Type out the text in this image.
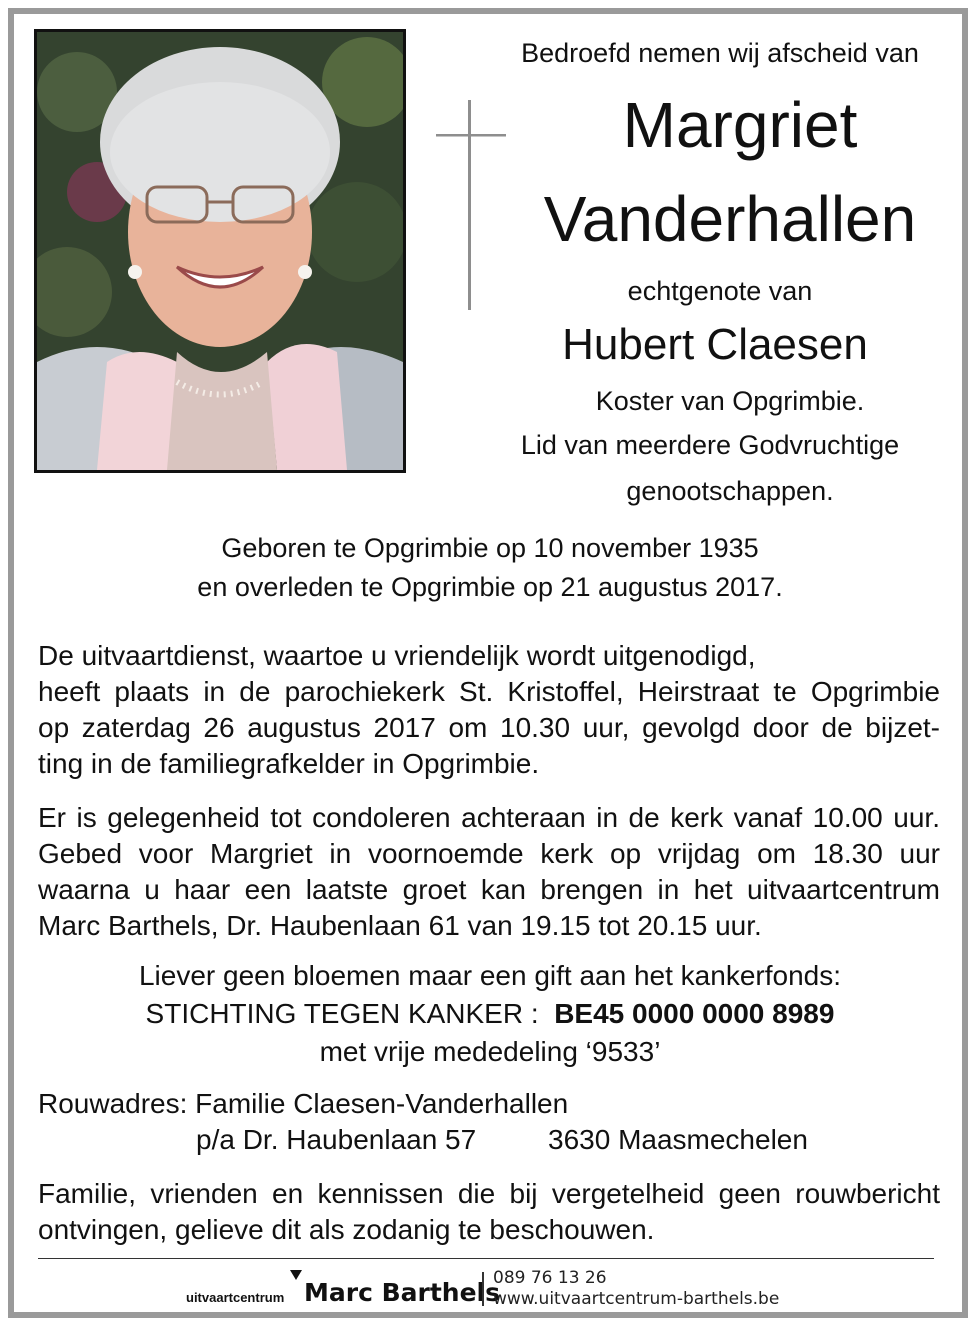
Bedroefd nemen wij afscheid van
Margriet
Vanderhallen
echtgenote van
Hubert Claesen
Koster van Opgrimbie.
Lid van meerdere Godvruchtige
genootschappen.
Geboren te Opgrimbie op 10 november 1935
en overleden te Opgrimbie op 21 augustus 2017.
De uitvaartdienst, waartoe u vriendelijk wordt uitgenodigd,
heeft plaats in de parochiekerk St. Kristoffel, Heirstraat te Opgrimbie
op zaterdag 26 augustus 2017 om 10.30 uur, gevolgd door de bijzet-
ting in de familiegrafkelder in Opgrimbie.
Er is gelegenheid tot condoleren achteraan in de kerk vanaf 10.00 uur.
Gebed voor Margriet in voornoemde kerk op vrijdag om 18.30 uur
waarna u haar een laatste groet kan brengen in het uitvaartcentrum
Marc Barthels, Dr. Haubenlaan 61 van 19.15 tot 20.15 uur.
Liever geen bloemen maar een gift aan het kankerfonds:
STICHTING TEGEN KANKER : BE45 0000 0000 8989
met vrije mededeling ‘9533’
Rouwadres: Familie Claesen-Vanderhallen
p/a Dr. Haubenlaan 57	3630 Maasmechelen
Familie, vrienden en kennissen die bij vergetelheid geen rouwbericht
ontvingen, gelieve dit als zodanig te beschouwen.
uitvaartcentrum Marc Barthels
089 76 13 26
www.uitvaartcentrum-barthels.be
